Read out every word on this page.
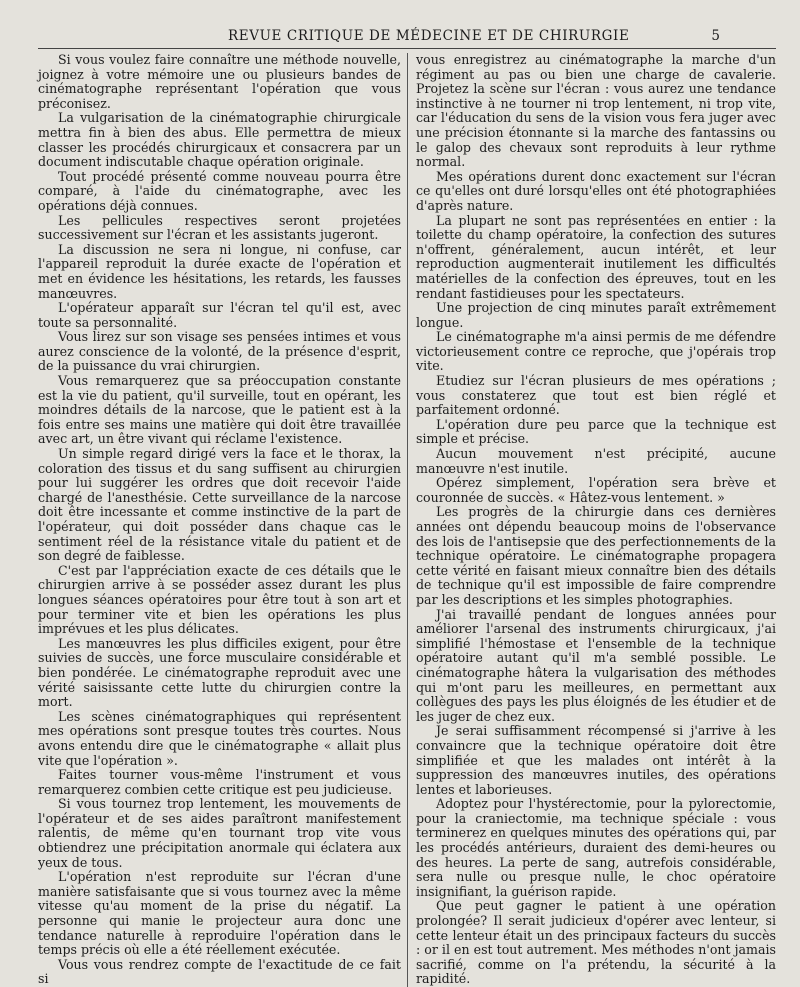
REVUE CRITIQUE DE MÉDECINE ET DE CHIRURGIE	5

Si vous voulez faire connaître une méthode nouvelle, joignez à votre mémoire une ou plusieurs bandes de cinématographe représentant l'opération que vous préconisez.

La vulgarisation de la cinématographie chirurgicale mettra fin à bien des abus. Elle permettra de mieux classer les procédés chirurgicaux et consacrera par un document indiscutable chaque opération originale.

Tout procédé présenté comme nouveau pourra être comparé, à l'aide du cinématographe, avec les opérations déjà connues.

Les pellicules respectives seront projetées successivement sur l'écran et les assistants jugeront.

La discussion ne sera ni longue, ni confuse, car l'appareil reproduit la durée exacte de l'opération et met en évidence les hésitations, les retards, les fausses manœuvres.

L'opérateur apparaît sur l'écran tel qu'il est, avec toute sa personnalité.

Vous lirez sur son visage ses pensées intimes et vous aurez conscience de la volonté, de la présence d'esprit, de la puissance du vrai chirurgien.

Vous remarquerez que sa préoccupation constante est la vie du patient, qu'il surveille, tout en opérant, les moindres détails de la narcose, que le patient est à la fois entre ses mains une matière qui doit être travaillée avec art, un être vivant qui réclame l'existence.

Un simple regard dirigé vers la face et le thorax, la coloration des tissus et du sang suffisent au chirurgien pour lui suggérer les ordres que doit recevoir l'aide chargé de l'anesthésie. Cette surveillance de la narcose doit être incessante et comme instinctive de la part de l'opérateur, qui doit posséder dans chaque cas le sentiment réel de la résistance vitale du patient et de son degré de faiblesse.

C'est par l'appréciation exacte de ces détails que le chirurgien arrive à se posséder assez durant les plus longues séances opératoires pour être tout à son art et pour terminer vite et bien les opérations les plus imprévues et les plus délicates.

Les manœuvres les plus difficiles exigent, pour être suivies de succès, une force musculaire considérable et bien pondérée. Le cinématographe reproduit avec une vérité saisissante cette lutte du chirurgien contre la mort.

Les scènes cinématographiques qui représentent mes opérations sont presque toutes très courtes. Nous avons entendu dire que le cinématographe « allait plus vite que l'opération ».

Faites tourner vous-même l'instrument et vous remarquerez combien cette critique est peu judicieuse.

Si vous tournez trop lentement, les mouvements de l'opérateur et de ses aides paraîtront manifestement ralentis, de même qu'en tournant trop vite vous obtiendrez une précipitation anormale qui éclatera aux yeux de tous.

L'opération n'est reproduite sur l'écran d'une manière satisfaisante que si vous tournez avec la même vitesse qu'au moment de la prise du négatif. La personne qui manie le projecteur aura donc une tendance naturelle à reproduire l'opération dans le temps précis où elle a été réellement exécutée.

Vous vous rendrez compte de l'exactitude de ce fait si

vous enregistrez au cinématographe la marche d'un régiment au pas ou bien une charge de cavalerie. Projetez la scène sur l'écran : vous aurez une tendance instinctive à ne tourner ni trop lentement, ni trop vite, car l'éducation du sens de la vision vous fera juger avec une précision étonnante si la marche des fantassins ou le galop des chevaux sont reproduits à leur rythme normal.

Mes opérations durent donc exactement sur l'écran ce qu'elles ont duré lorsqu'elles ont été photographiées d'après nature.

La plupart ne sont pas représentées en entier : la toilette du champ opératoire, la confection des sutures n'offrent, généralement, aucun intérêt, et leur reproduction augmenterait inutilement les difficultés matérielles de la confection des épreuves, tout en les rendant fastidieuses pour les spectateurs.

Une projection de cinq minutes paraît extrêmement longue.

Le cinématographe m'a ainsi permis de me défendre victorieusement contre ce reproche, que j'opérais trop vite.

Etudiez sur l'écran plusieurs de mes opérations ; vous constaterez que tout est bien réglé et parfaitement ordonné.

L'opération dure peu parce que la technique est simple et précise.

Aucun mouvement n'est précipité, aucune manœuvre n'est inutile.

Opérez simplement, l'opération sera brève et couronnée de succès. « Hâtez-vous lentement. »

Les progrès de la chirurgie dans ces dernières années ont dépendu beaucoup moins de l'observance des lois de l'antisepsie que des perfectionnements de la technique opératoire. Le cinématographe propagera cette vérité en faisant mieux connaître bien des détails de technique qu'il est impossible de faire comprendre par les descriptions et les simples photographies.

J'ai travaillé pendant de longues années pour améliorer l'arsenal des instruments chirurgicaux, j'ai simplifié l'hémostase et l'ensemble de la technique opératoire autant qu'il m'a semblé possible. Le cinématographe hâtera la vulgarisation des méthodes qui m'ont paru les meilleures, en permettant aux collègues des pays les plus éloignés de les étudier et de les juger de chez eux.

Je serai suffisamment récompensé si j'arrive à les convaincre que la technique opératoire doit être simplifiée et que les malades ont intérêt à la suppression des manœuvres inutiles, des opérations lentes et laborieuses.

Adoptez pour l'hystérectomie, pour la pylorectomie, pour la craniectomie, ma technique spéciale : vous terminerez en quelques minutes des opérations qui, par les procédés antérieurs, duraient des demi-heures ou des heures. La perte de sang, autrefois considérable, sera nulle ou presque nulle, le choc opératoire insignifiant, la guérison rapide.

Que peut gagner le patient à une opération prolongée? Il serait judicieux d'opérer avec lenteur, si cette lenteur était un des principaux facteurs du succès : or il en est tout autrement. Mes méthodes n'ont jamais sacrifié, comme on l'a prétendu, la sécurité à la rapidité.
